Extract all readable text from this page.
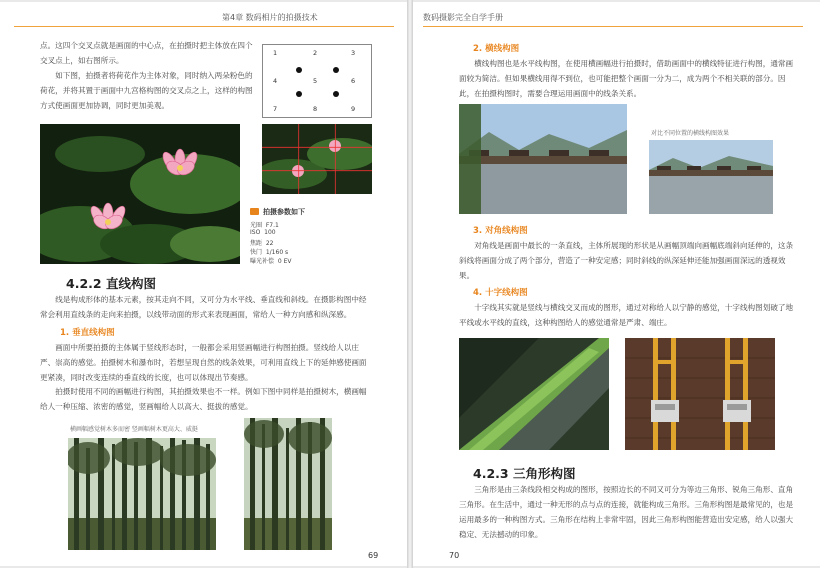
第4章 数码相片的拍摄技术

点。这四个交叉点就是画面的中心点，在拍摄时把主体放在四个交叉点上，如右图所示。

如下图，拍摄者将荷花作为主体对象，同时纳入两朵粉色的荷花，并将其置于画面中九宫格构图的交叉点之上，这样的构图方式使画面更加协调，同时更加美观。

1	2	3
4	5	6
7	8	9
拍摄参数如下
光圈 F7.1
ISO 100
焦距 22
快门 1/160 s
曝光补偿 0 EV
4.2.2 直线构图

线是构成形体的基本元素，按其走向不同，又可分为水平线、垂直线和斜线。在摄影构图中经常会利用直线条的走向来拍摄，以线带动面的形式来表现画面，常给人一种方向感和纵深感。

1. 垂直线构图

画面中所要拍摄的主体属于竖线形态时，一般都会采用竖画幅进行构图拍摄。竖线给人以庄严、崇高的感觉。拍摄树木和瀑布时，若想呈现自然的线条效果，可利用直线上下的延伸感使画面更紧凑，同时改变连续的垂直线的长度，也可以体现出节奏感。

拍摄时使用不同的画幅进行构图，其拍摄效果也不一样。例如下图中同样是拍摄树木，横画幅给人一种压缩、浓密的感觉，竖画幅给人以高大、挺拔的感觉。

横画幅感觉树木多而密 竖画幅树木更高大、威挺
69
数码摄影完全自学手册
2. 横线构图

横线构图也是水平线构图，在使用横画幅进行拍摄时，借助画面中的横线特征进行构图，通常画面较为简洁。但如果横线用得不到位，也可能把整个画面一分为二，成为两个不相关联的部分。因此，在拍摄构图时，需要合理运用画面中的线条关系。

对比不同位置的横线构图效果
3. 对角线构图

对角线是画面中最长的一条直线，主体所展现的形状是从画幅顶端向画幅底端斜向延伸的，这条斜线将画面分成了两个部分，营造了一种安定感；同时斜线的纵深延伸还能加强画面深远的透视效果。

4. 十字线构图

十字线其实就是竖线与横线交叉而成的图形，通过对称给人以宁静的感觉，十字线构图划破了地平线或水平线的直线，这种构图给人的感觉通常是严肃、端庄。

4.2.3 三角形构图

三角形是由三条线段相交构成的图形，按照边长的不同又可分为等边三角形、锐角三角形、直角三角形。在生活中，通过一种无形的点与点的连接，就能构成三角形。三角形构图是最常见的，也是运用最多的一种构图方式。三角形在结构上非常牢固，因此三角形构图能营造出安定感，给人以强大稳定、无法撼动的印象。

70
